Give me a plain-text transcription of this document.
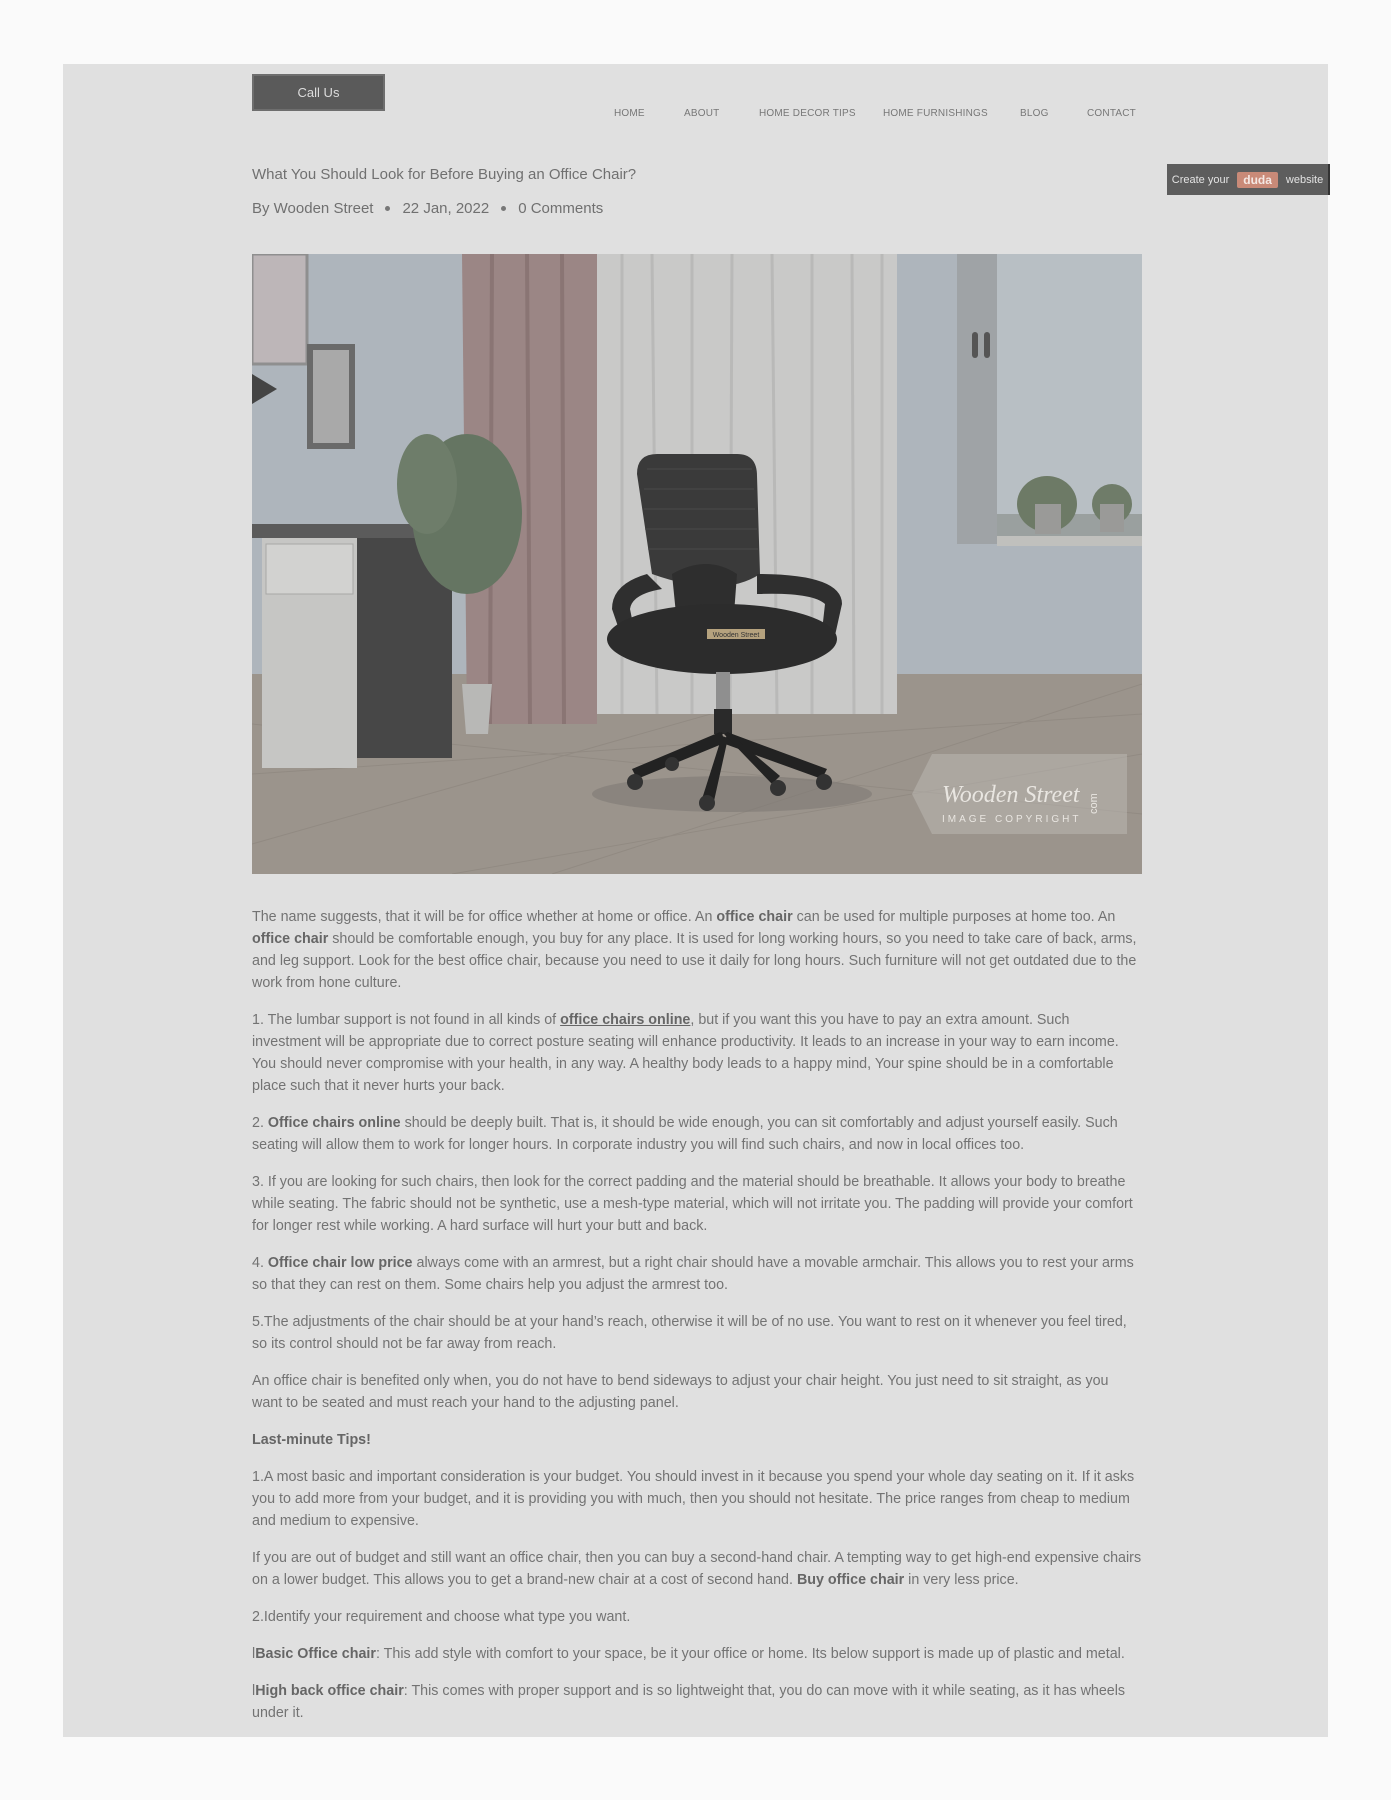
Call Us
HOME	ABOUT	HOME DECOR TIPS	HOME FURNISHINGS	BLOG	CONTACT
Create your	duda	website
What You Should Look for Before Buying an Office Chair?
By Wooden Street 22 Jan, 2022 0 Comments
Wooden Street
Wooden Street
IMAGE COPYRIGHT
com

The name suggests, that it will be for office whether at home or office. An office chair can be used for multiple purposes at home too. An office chair should be comfortable enough, you buy for any place. It is used for long working hours, so you need to take care of back, arms, and leg support. Look for the best office chair, because you need to use it daily for long hours. Such furniture will not get outdated due to the work from hone culture.

1. The lumbar support is not found in all kinds of office chairs online, but if you want this you have to pay an extra amount. Such investment will be appropriate due to correct posture seating will enhance productivity. It leads to an increase in your way to earn income. You should never compromise with your health, in any way. A healthy body leads to a happy mind, Your spine should be in a comfortable place such that it never hurts your back.

2. Office chairs online should be deeply built. That is, it should be wide enough, you can sit comfortably and adjust yourself easily. Such seating will allow them to work for longer hours. In corporate industry you will find such chairs, and now in local offices too.

3. If you are looking for such chairs, then look for the correct padding and the material should be breathable. It allows your body to breathe while seating. The fabric should not be synthetic, use a mesh-type material, which will not irritate you. The padding will provide your comfort for longer rest while working. A hard surface will hurt your butt and back.

4. Office chair low price always come with an armrest, but a right chair should have a movable armchair. This allows you to rest your arms so that they can rest on them. Some chairs help you adjust the armrest too.

5.The adjustments of the chair should be at your hand’s reach, otherwise it will be of no use. You want to rest on it whenever you feel tired, so its control should not be far away from reach.

An office chair is benefited only when, you do not have to bend sideways to adjust your chair height. You just need to sit straight, as you want to be seated and must reach your hand to the adjusting panel.

Last-minute Tips!

1.A most basic and important consideration is your budget. You should invest in it because you spend your whole day seating on it. If it asks you to add more from your budget, and it is providing you with much, then you should not hesitate. The price ranges from cheap to medium and medium to expensive.

If you are out of budget and still want an office chair, then you can buy a second-hand chair. A tempting way to get high-end expensive chairs on a lower budget. This allows you to get a brand-new chair at a cost of second hand. Buy office chair in very less price.

2.Identify your requirement and choose what type you want.

lBasic Office chair: This add style with comfort to your space, be it your office or home. Its below support is made up of plastic and metal.

lHigh back office chair: This comes with proper support and is so lightweight that, you do can move with it while seating, as it has wheels under it.
